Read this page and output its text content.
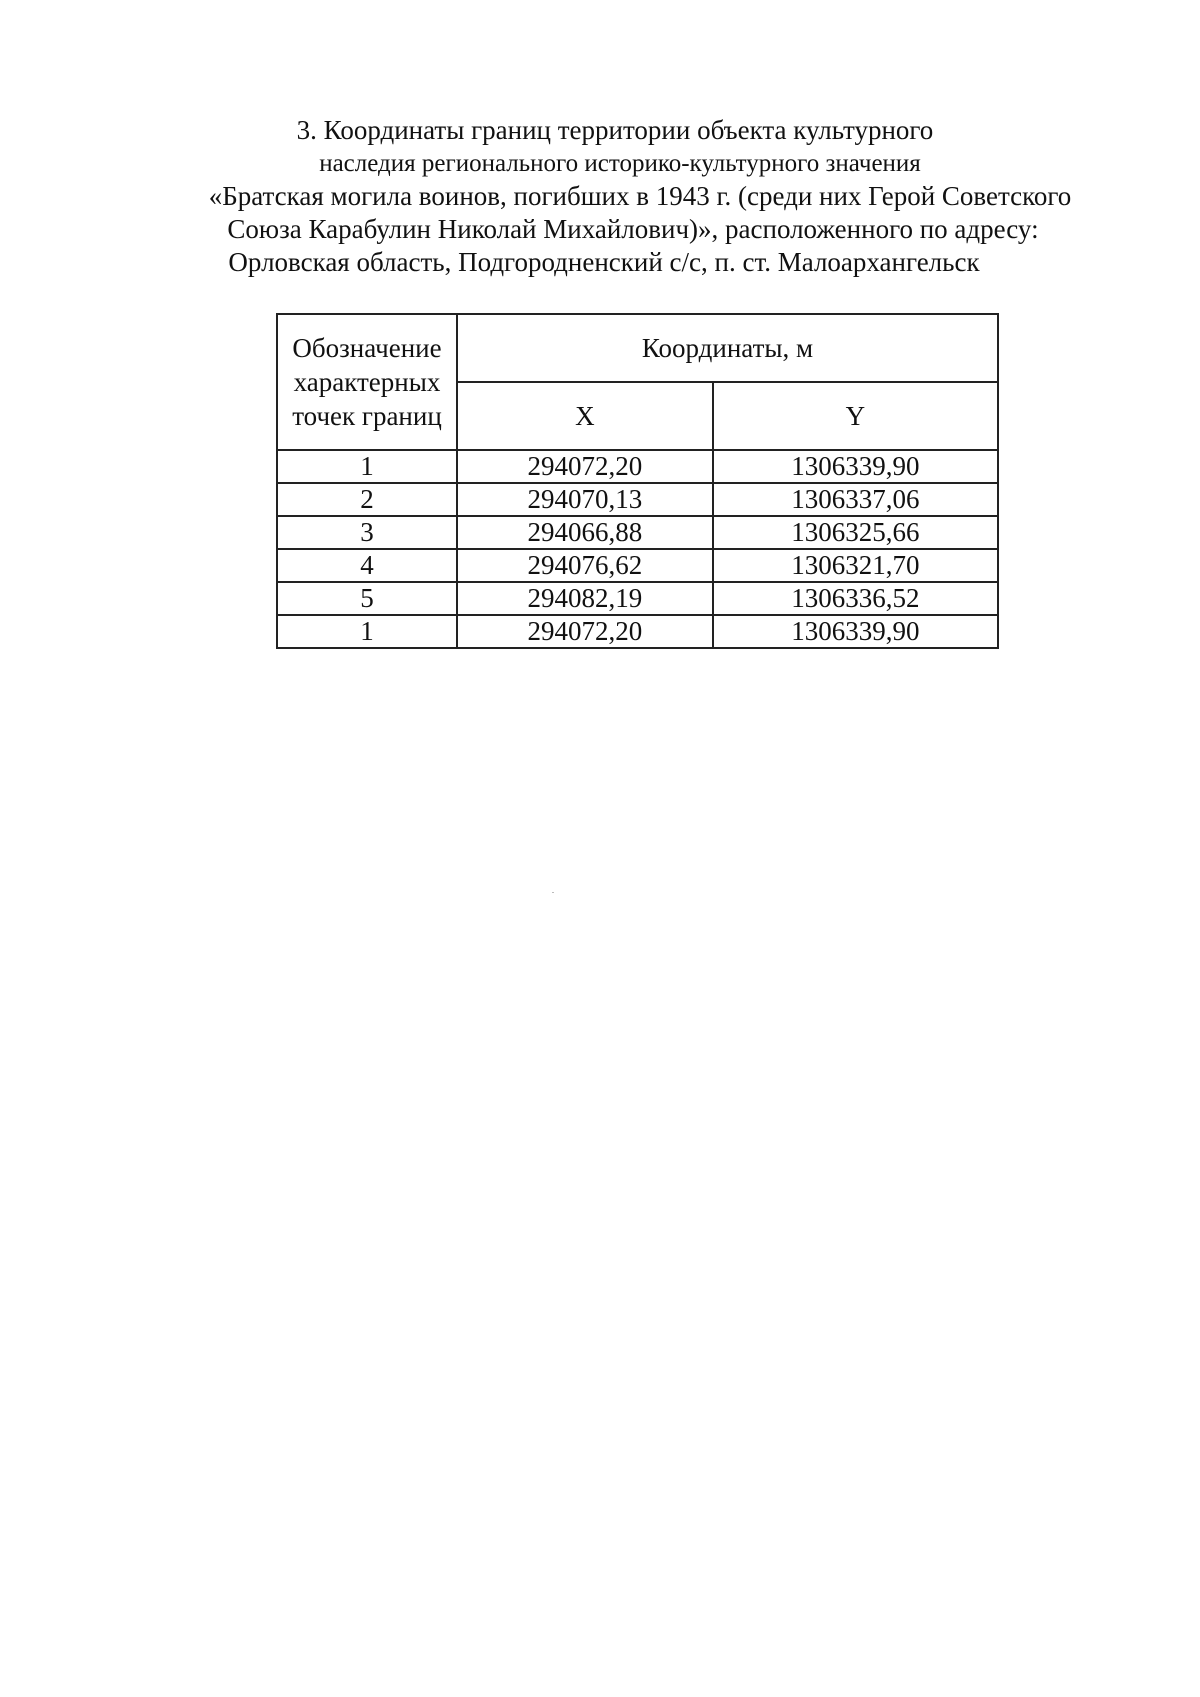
3. Координаты границ территории объекта культурного
наследия регионального историко-культурного значения
«Братская могила воинов, погибших в 1943 г. (среди них Герой Советского
Союза Карабулин Николай Михайлович)», расположенного по адресу:
Орловская область, Подгородненский с/с, п. ст. Малоархангельск
Обозначение характерных точек границ	Координаты, м	
	X	Y
1	294072,20	1306339,90
2	294070,13	1306337,06
3	294066,88	1306325,66
4	294076,62	1306321,70
5	294082,19	1306336,52
1	294072,20	1306339,90
